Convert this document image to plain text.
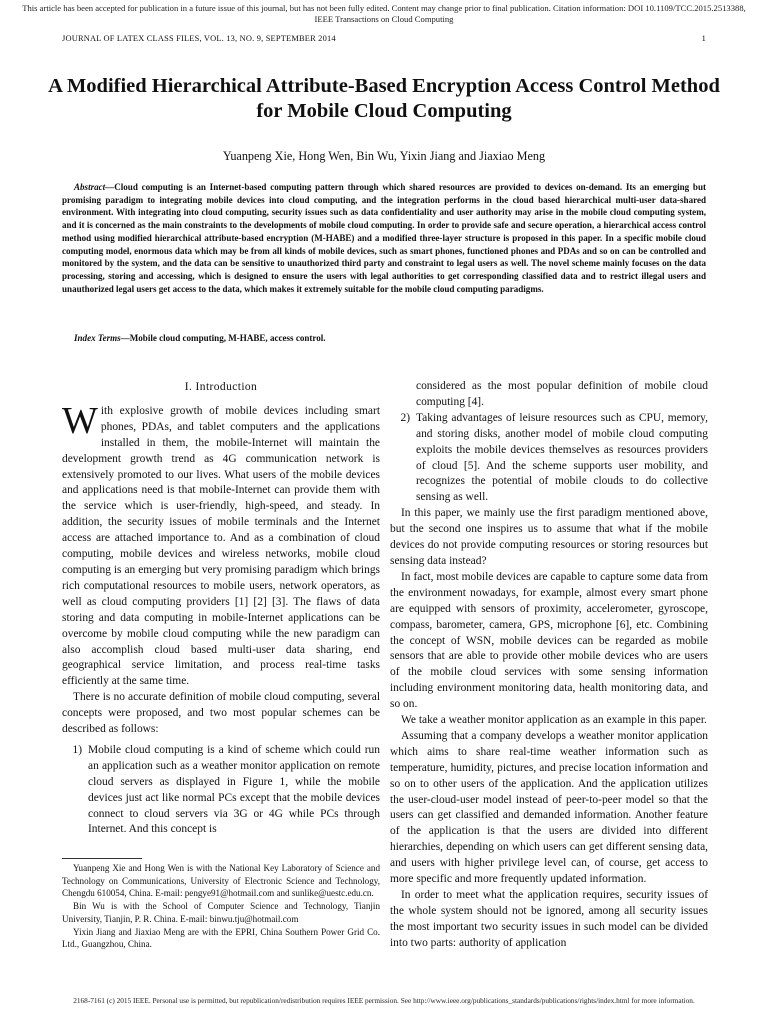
This article has been accepted for publication in a future issue of this journal, but has not been fully edited. Content may change prior to final publication. Citation information: DOI 10.1109/TCC.2015.2513388, IEEE Transactions on Cloud Computing
JOURNAL OF LATEX CLASS FILES, VOL. 13, NO. 9, SEPTEMBER 2014	1
A Modified Hierarchical Attribute-Based Encryption Access Control Method for Mobile Cloud Computing
Yuanpeng Xie, Hong Wen, Bin Wu, Yixin Jiang and Jiaxiao Meng
Abstract—Cloud computing is an Internet-based computing pattern through which shared resources are provided to devices on-demand. Its an emerging but promising paradigm to integrating mobile devices into cloud computing, and the integration performs in the cloud based hierarchical multi-user data-shared environment. With integrating into cloud computing, security issues such as data confidentiality and user authority may arise in the mobile cloud computing system, and it is concerned as the main constraints to the developments of mobile cloud computing. In order to provide safe and secure operation, a hierarchical access control method using modified hierarchical attribute-based encryption (M-HABE) and a modified three-layer structure is proposed in this paper. In a specific mobile cloud computing model, enormous data which may be from all kinds of mobile devices, such as smart phones, functioned phones and PDAs and so on can be controlled and monitored by the system, and the data can be sensitive to unauthorized third party and constraint to legal users as well. The novel scheme mainly focuses on the data processing, storing and accessing, which is designed to ensure the users with legal authorities to get corresponding classified data and to restrict illegal users and unauthorized legal users get access to the data, which makes it extremely suitable for the mobile cloud computing paradigms.
Index Terms—Mobile cloud computing, M-HABE, access control.
I. Introduction

With explosive growth of mobile devices including smart phones, PDAs, and tablet computers and the applications installed in them, the mobile-Internet will maintain the development growth trend as 4G communication network is extensively promoted to our lives. What users of the mobile devices and applications need is that mobile-Internet can provide them with the service which is user-friendly, high-speed, and steady. In addition, the security issues of mobile terminals and the Internet access are attached importance to. And as a combination of cloud computing, mobile devices and wireless networks, mobile cloud computing is an emerging but very promising paradigm which brings rich computational resources to mobile users, network operators, as well as cloud computing providers [1] [2] [3]. The flaws of data storing and data computing in mobile-Internet applications can be overcome by mobile cloud computing while the new paradigm can also accomplish cloud based multi-user data sharing, end geographical service limitation, and process real-time tasks efficiently at the same time.

There is no accurate definition of mobile cloud computing, several concepts were proposed, and two most popular schemes can be described as follows:

1) Mobile cloud computing is a kind of scheme which could run an application such as a weather monitor application on remote cloud servers as displayed in Figure 1, while the mobile devices just act like normal PCs except that the mobile devices connect to cloud servers via 3G or 4G while PCs through Internet. And this concept is
considered as the most popular definition of mobile cloud computing [4].
2) Taking advantages of leisure resources such as CPU, memory, and storing disks, another model of mobile cloud computing exploits the mobile devices themselves as resources providers of cloud [5]. And the scheme supports user mobility, and recognizes the potential of mobile clouds to do collective sensing as well.

In this paper, we mainly use the first paradigm mentioned above, but the second one inspires us to assume that what if the mobile devices do not provide computing resources or storing resources but sensing data instead?

In fact, most mobile devices are capable to capture some data from the environment nowadays, for example, almost every smart phone are equipped with sensors of proximity, accelerometer, gyroscope, compass, barometer, camera, GPS, microphone [6], etc. Combining the concept of WSN, mobile devices can be regarded as mobile sensors that are able to provide other mobile devices who are users of the mobile cloud services with some sensing information including environment monitoring data, health monitoring data, and so on.

We take a weather monitor application as an example in this paper.

Assuming that a company develops a weather monitor application which aims to share real-time weather information such as temperature, humidity, pictures, and precise location information and so on to other users of the application. And the application utilizes the user-cloud-user model instead of peer-to-peer model so that the users can get classified and demanded information. Another feature of the application is that the users are divided into different hierarchies, depending on which users can get different sensing data, and users with higher privilege level can, of course, get access to more specific and more frequently updated information.

In order to meet what the application requires, security issues of the whole system should not be ignored, among all security issues the most important two security issues in such model can be divided into two parts: authority of application

Yuanpeng Xie and Hong Wen is with the National Key Laboratory of Science and Technology on Communications, University of Electronic Science and Technology, Chengdu 610054, China. E-mail: pengye91@hotmail.com and sunlike@uestc.edu.cn.

Bin Wu is with the School of Computer Science and Technology, Tianjin University, Tianjin, P. R. China. E-mail: binwu.tju@hotmail.com

Yixin Jiang and Jiaxiao Meng are with the EPRI, China Southern Power Grid Co. Ltd., Guangzhou, China.

2168-7161 (c) 2015 IEEE. Personal use is permitted, but republication/redistribution requires IEEE permission. See http://www.ieee.org/publications_standards/publications/rights/index.html for more information.
